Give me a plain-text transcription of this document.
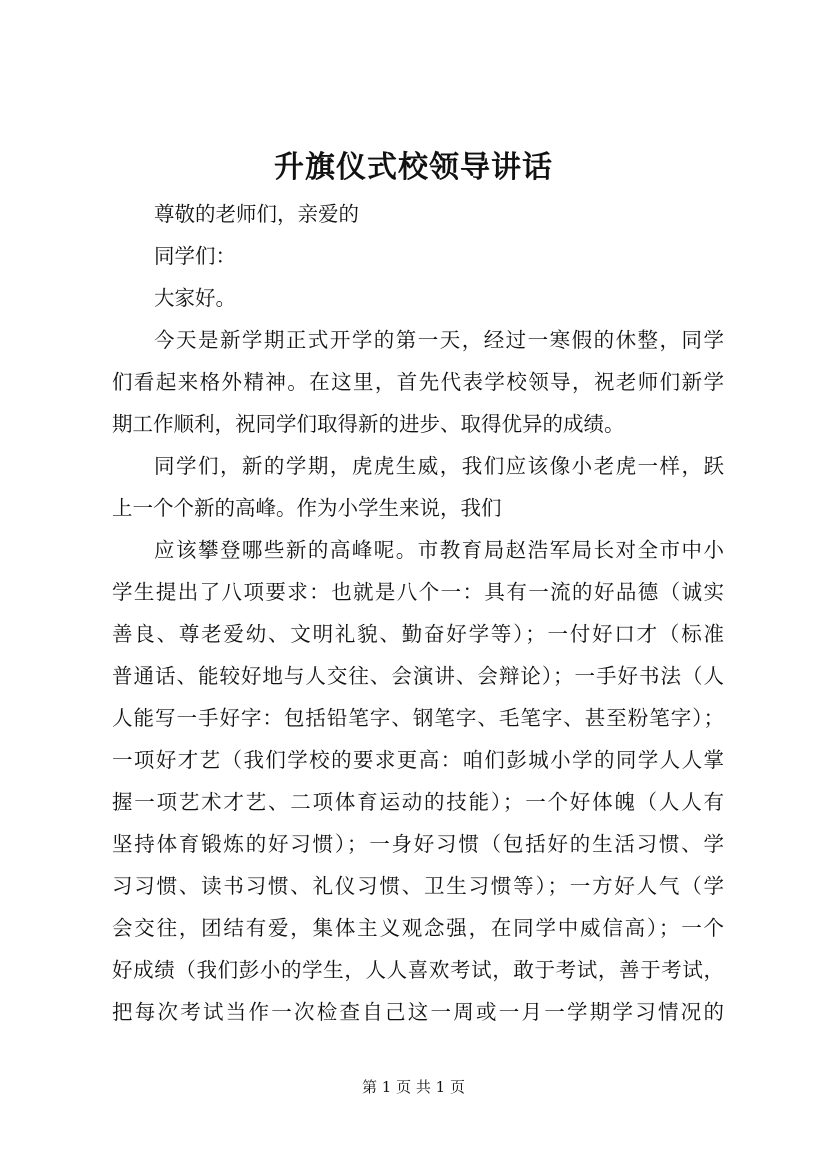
升旗仪式校领导讲话
尊敬的老师们，亲爱的
同学们：
大家好。
今天是新学期正式开学的第一天，经过一寒假的休整，同学
们看起来格外精神。在这里，首先代表学校领导，祝老师们新学
期工作顺利，祝同学们取得新的进步、取得优异的成绩。
同学们，新的学期，虎虎生威，我们应该像小老虎一样，跃
上一个个新的高峰。作为小学生来说，我们
应该攀登哪些新的高峰呢。市教育局赵浩军局长对全市中小
学生提出了八项要求：也就是八个一：具有一流的好品德（诚实
善良、尊老爱幼、文明礼貌、勤奋好学等）；一付好口才（标准
普通话、能较好地与人交往、会演讲、会辩论）；一手好书法（人
人能写一手好字：包括铅笔字、钢笔字、毛笔字、甚至粉笔字）；
一项好才艺（我们学校的要求更高：咱们彭城小学的同学人人掌
握一项艺术才艺、二项体育运动的技能）；一个好体魄（人人有
坚持体育锻炼的好习惯）；一身好习惯（包括好的生活习惯、学
习习惯、读书习惯、礼仪习惯、卫生习惯等）；一方好人气（学
会交往，团结有爱，集体主义观念强，在同学中威信高）；一个
好成绩（我们彭小的学生，人人喜欢考试，敢于考试，善于考试，
把每次考试当作一次检查自己这一周或一月一学期学习情况的
第 1 页 共 1 页
